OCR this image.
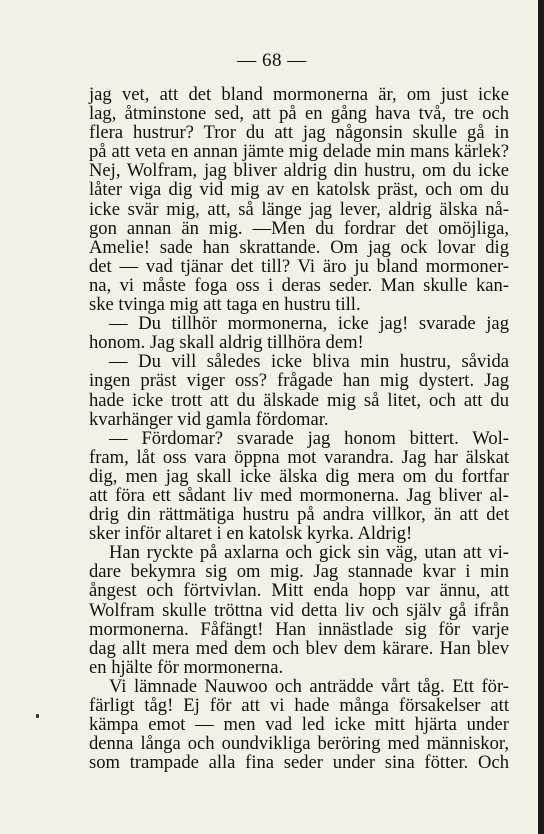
— 68 —
jag vet, att det bland mormonerna är, om just icke
lag, åtminstone sed, att på en gång hava två, tre och
flera hustrur? Tror du att jag någonsin skulle gå in
på att veta en annan jämte mig delade min mans kärlek?
Nej, Wolfram, jag bliver aldrig din hustru, om du icke
låter viga dig vid mig av en katolsk präst, och om du
icke svär mig, att, så länge jag lever, aldrig älska nå-
gon annan än mig. —Men du fordrar det omöjliga,
Amelie! sade han skrattande. Om jag ock lovar dig
det — vad tjänar det till? Vi äro ju bland mormoner-
na, vi måste foga oss i deras seder. Man skulle kan-
ske tvinga mig att taga en hustru till.
— Du tillhör mormonerna, icke jag! svarade jag
honom. Jag skall aldrig tillhöra dem!
— Du vill således icke bliva min hustru, såvida
ingen präst viger oss? frågade han mig dystert. Jag
hade icke trott att du älskade mig så litet, och att du
kvarhänger vid gamla fördomar.
— Fördomar? svarade jag honom bittert. Wol-
fram, låt oss vara öppna mot varandra. Jag har älskat
dig, men jag skall icke älska dig mera om du fortfar
att föra ett sådant liv med mormonerna. Jag bliver al-
drig din rättmätiga hustru på andra villkor, än att det
sker inför altaret i en katolsk kyrka. Aldrig!
Han ryckte på axlarna och gick sin väg, utan att vi-
dare bekymra sig om mig. Jag stannade kvar i min
ångest och förtvivlan. Mitt enda hopp var ännu, att
Wolfram skulle tröttna vid detta liv och själv gå ifrån
mormonerna. Fåfängt! Han innästlade sig för varje
dag allt mera med dem och blev dem kärare. Han blev
en hjälte för mormonerna.
Vi lämnade Nauwoo och anträdde vårt tåg. Ett för-
färligt tåg! Ej för att vi hade många försakelser att
kämpa emot — men vad led icke mitt hjärta under
denna långa och oundvikliga beröring med människor,
som trampade alla fina seder under sina fötter. Och
